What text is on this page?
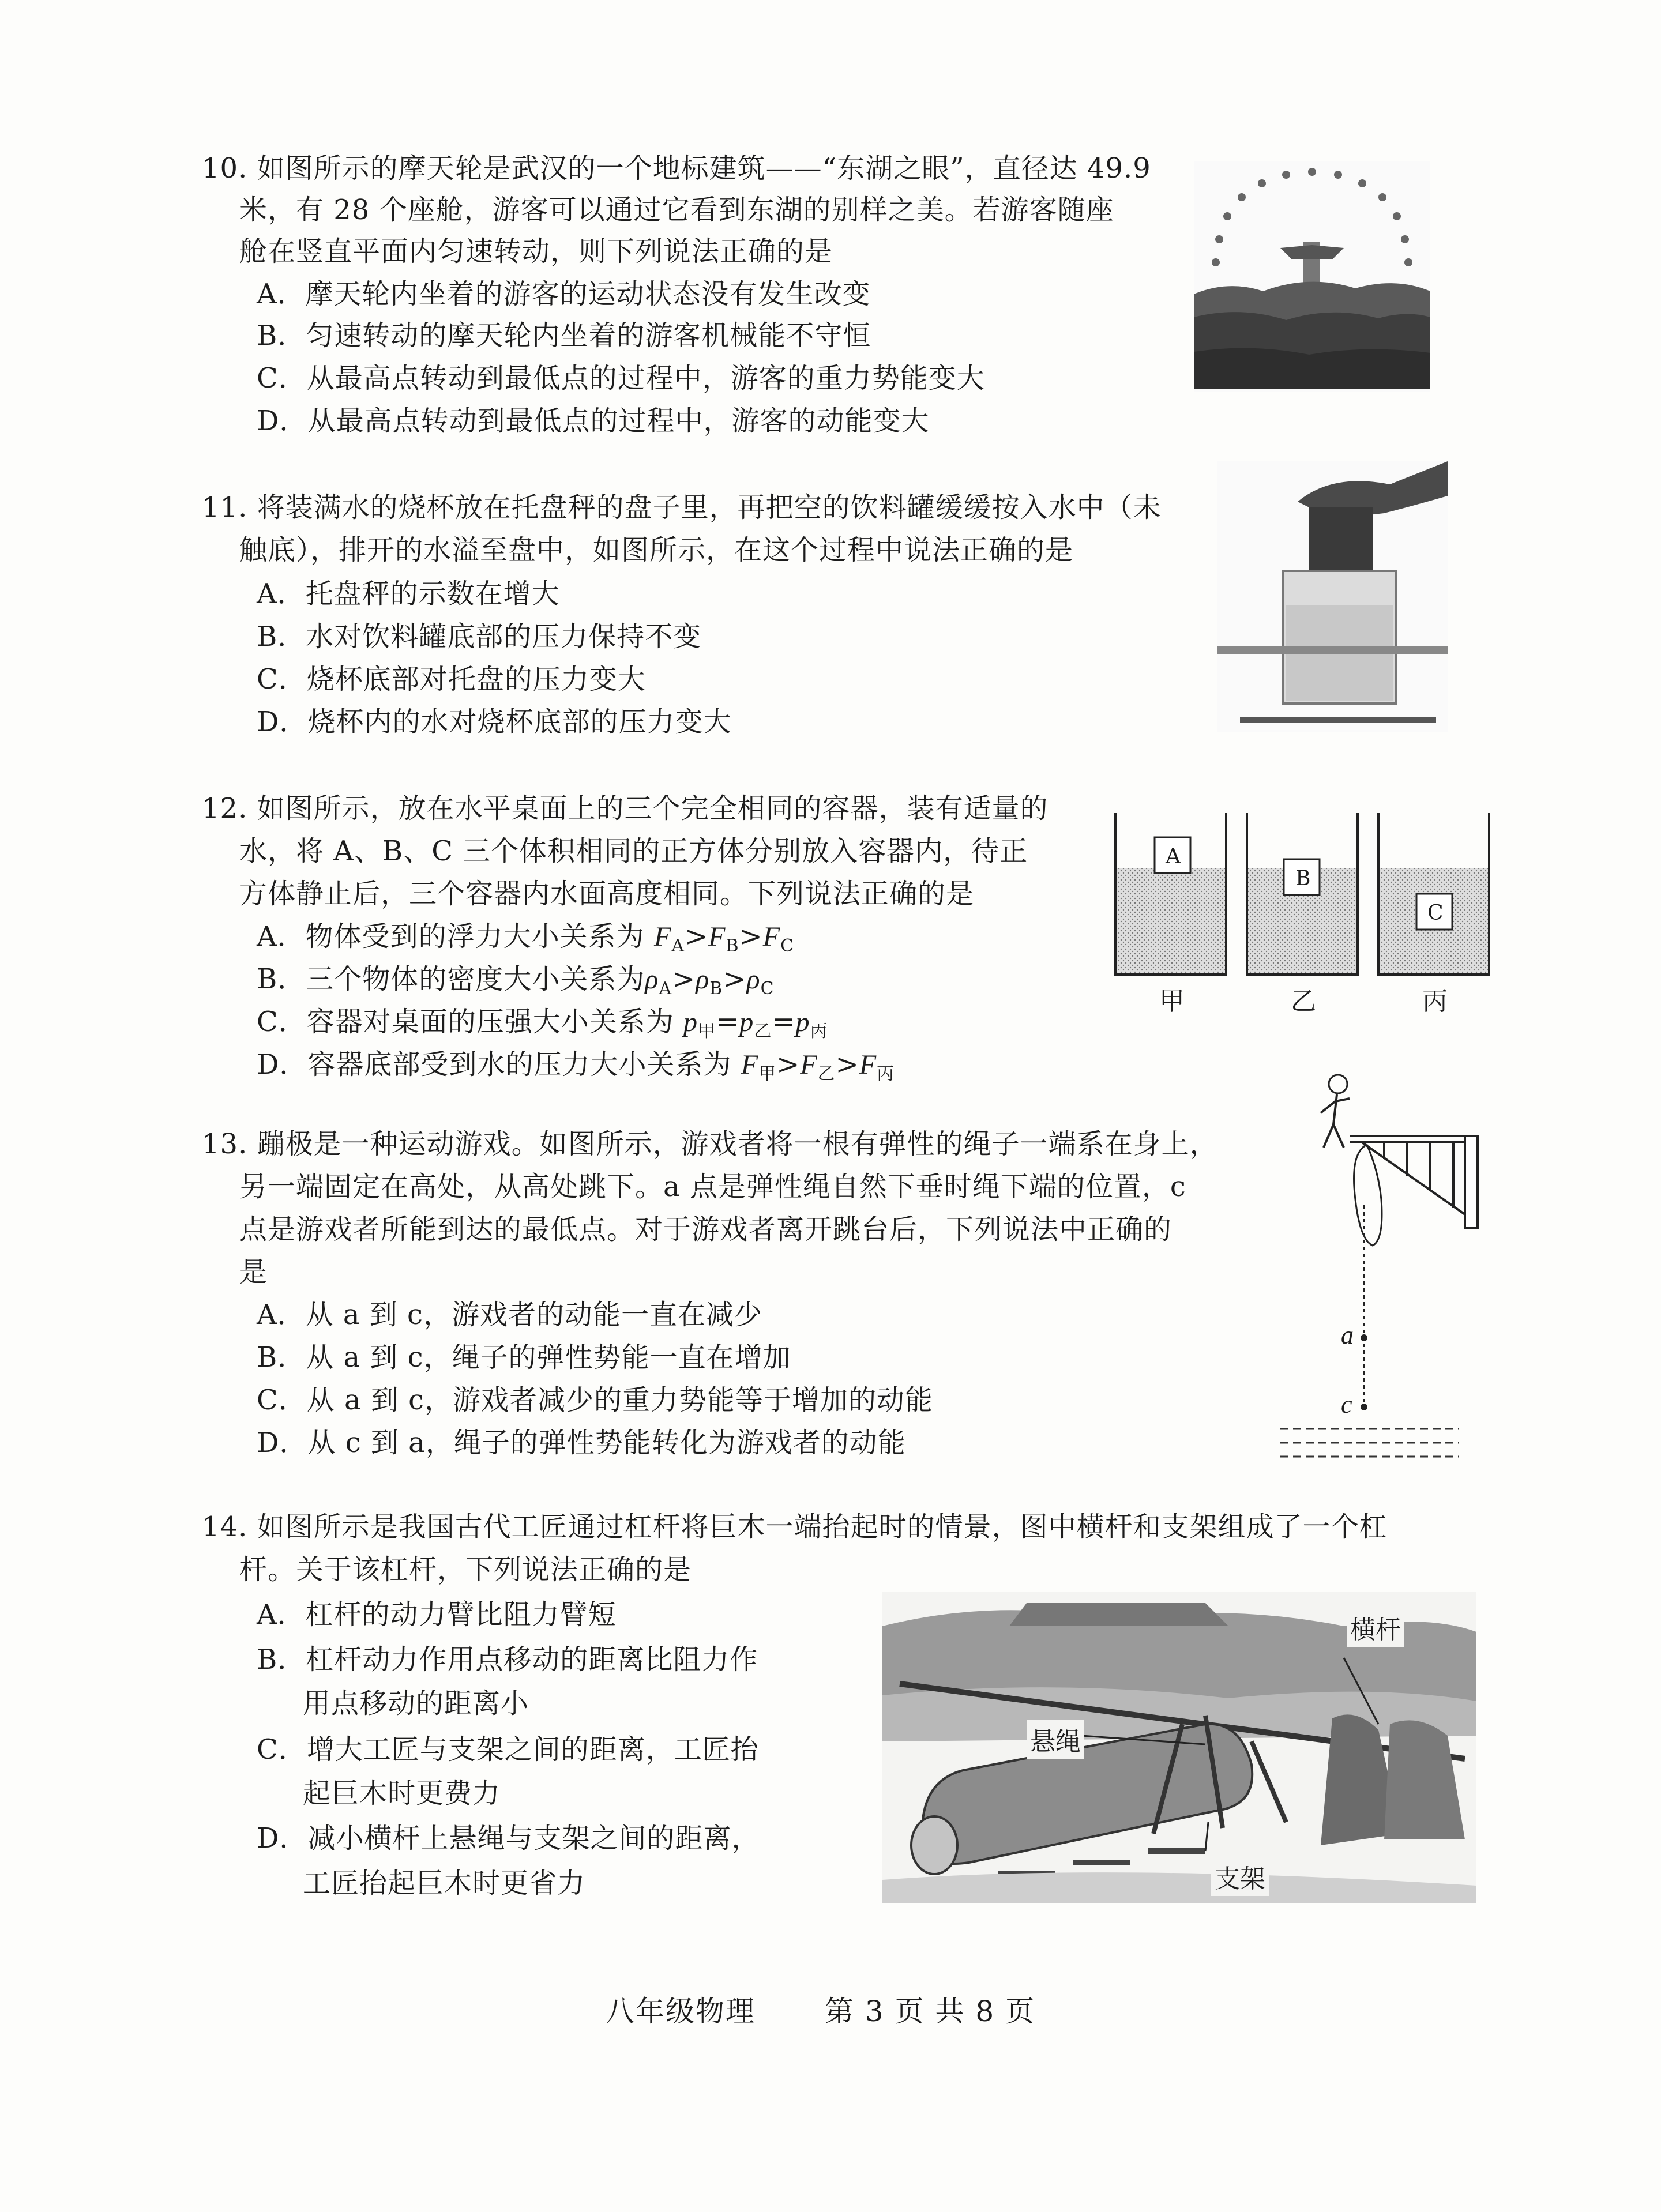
10. 如图所示的摩天轮是武汉的一个地标建筑——“东湖之眼”，直径达 49.9
米，有 28 个座舱，游客可以通过它看到东湖的别样之美。若游客随座
舱在竖直平面内匀速转动，则下列说法正确的是
A．摩天轮内坐着的游客的运动状态没有发生改变
B．匀速转动的摩天轮内坐着的游客机械能不守恒
C．从最高点转动到最低点的过程中，游客的重力势能变大
D．从最高点转动到最低点的过程中，游客的动能变大
11. 将装满水的烧杯放在托盘秤的盘子里，再把空的饮料罐缓缓按入水中（未
触底），排开的水溢至盘中，如图所示，在这个过程中说法正确的是
A．托盘秤的示数在增大
B．水对饮料罐底部的压力保持不变
C．烧杯底部对托盘的压力变大
D．烧杯内的水对烧杯底部的压力变大
12. 如图所示，放在水平桌面上的三个完全相同的容器，装有适量的
水，将 A、B、C 三个体积相同的正方体分别放入容器内，待正
方体静止后，三个容器内水面高度相同。下列说法正确的是
A．物体受到的浮力大小关系为 $F_A>F_B>F_C$
B．三个物体的密度大小关系为$\rho_A>\rho_B>\rho_C$
C．容器对桌面的压强大小关系为 $p_甲=p_乙=p_丙$
D．容器底部受到水的压力大小关系为 $F_甲>F_乙>F_丙$
A
B
C
甲	乙	丙
13. 蹦极是一种运动游戏。如图所示，游戏者将一根有弹性的绳子一端系在身上，
另一端固定在高处，从高处跳下。a 点是弹性绳自然下垂时绳下端的位置，c
点是游戏者所能到达的最低点。对于游戏者离开跳台后，下列说法中正确的
是
A．从 a 到 c，游戏者的动能一直在减少
B．从 a 到 c，绳子的弹性势能一直在增加
C．从 a 到 c，游戏者减少的重力势能等于增加的动能
D．从 c 到 a，绳子的弹性势能转化为游戏者的动能
a
c
14. 如图所示是我国古代工匠通过杠杆将巨木一端抬起时的情景，图中横杆和支架组成了一个杠
杆。关于该杠杆，下列说法正确的是
A．杠杆的动力臂比阻力臂短
B．杠杆动力作用点移动的距离比阻力作
用点移动的距离小
C．增大工匠与支架之间的距离，工匠抬
起巨木时更费力
D．减小横杆上悬绳与支架之间的距离，
工匠抬起巨木时更省力
横杆
悬绳
支架
八年级物理 第 3 页 共 8 页
